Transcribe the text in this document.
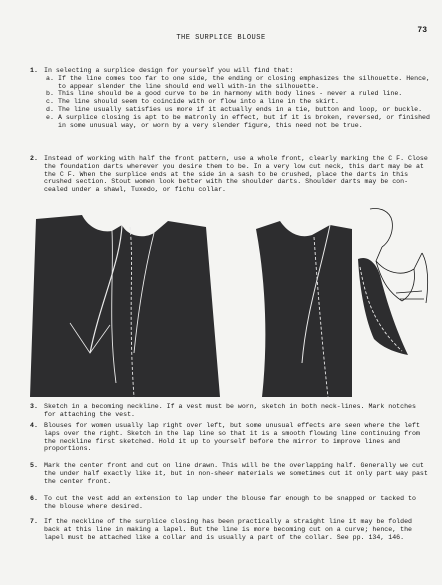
73
THE SURPLICE BLOUSE
1. In selecting a surplice design for yourself you will find that:
a. If the line comes too far to one side, the ending or closing emphasizes the silhouette. Hence, to appear slender the line should end well with-in the silhouette.
b. This line should be a good curve to be in harmony with body lines - never a ruled line.
c. The line should seem to coincide with or flow into a line in the skirt.
d. The line usually satisfies us more if it actually ends in a tie, button and loop, or buckle.
e. A surplice closing is apt to be matronly in effect, but if it is broken, reversed, or finished in some unusual way, or worn by a very slender figure, this need not be true.
2. Instead of working with half the front pattern, use a whole front, clearly marking the C F. Close the foundation darts wherever you desire them to be. In a very low cut neck, this dart may be at the C F. When the surplice ends at the side in a sash to be crushed, place the darts in this crushed section. Stout women look better with the shoulder darts. Shoulder darts may be con-cealed under a shawl, Tuxedo, or fichu collar.
3. Sketch in a becoming neckline. If a vest must be worn, sketch in both neck-lines. Mark notches for attaching the vest.
4. Blouses for women usually lap right over left, but some unusual effects are seen where the left laps over the right. Sketch in the lap line so that it is a smooth flowing line continuing from the neckline first sketched. Hold it up to yourself before the mirror to improve lines and proportions.
5. Mark the center front and cut on line drawn. This will be the overlapping half. Generally we cut the under half exactly like it, but in non-sheer materials we sometimes cut it only part way past the center front.
6. To cut the vest add an extension to lap under the blouse far enough to be snapped or tacked to the blouse where desired.
7. If the neckline of the surplice closing has been practically a straight line it may be folded back at this line in making a lapel. But the line is more becoming cut on a curve; hence, the lapel must be attached like a collar and is usually a part of the collar. See pp. 134, 146.
